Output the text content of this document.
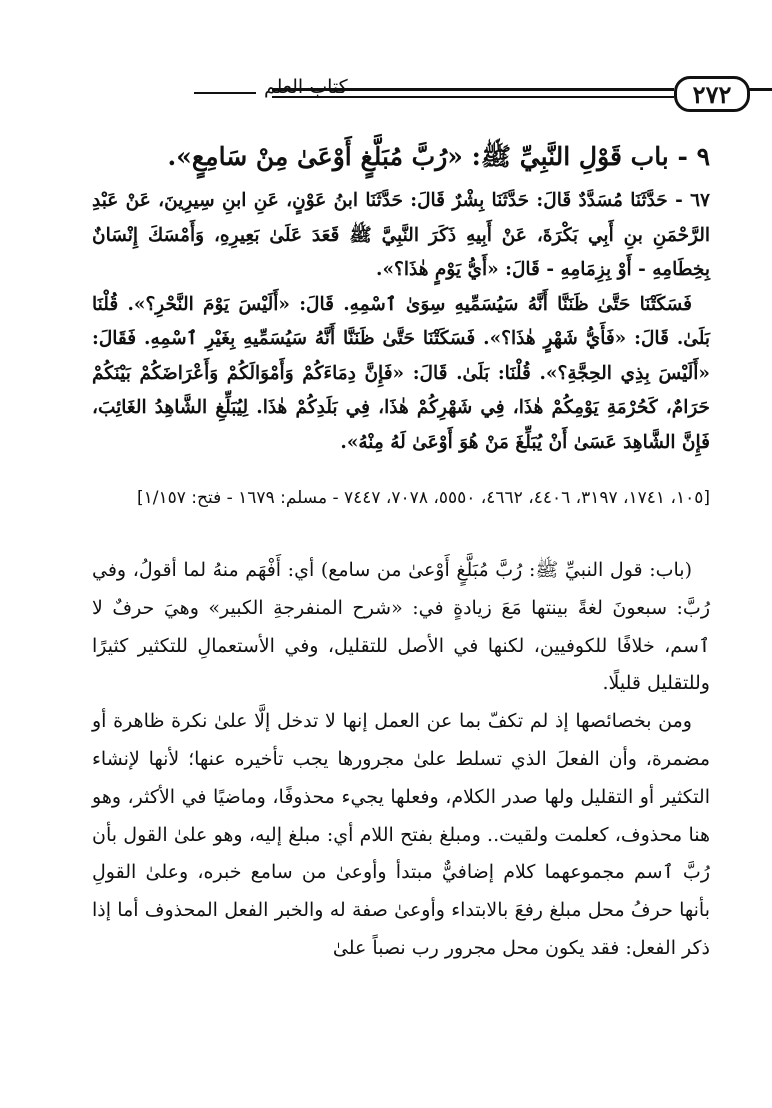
٢٧٢
كتاب العلم
٩ - باب قَوْلِ النَّبِيِّ ﷺ: «رُبَّ مُبَلَّغٍ أَوْعَىٰ مِنْ سَامِعٍ».

٦٧ - حَدَّثَنَا مُسَدَّدٌ قَالَ: حَدَّثَنَا بِشْرٌ قَالَ: حَدَّثَنَا ابنُ عَوْنٍ، عَنِ ابنِ سِيرِينَ، عَنْ عَبْدِ الرَّحْمَنِ بنِ أَبِي بَكْرَةَ، عَنْ أَبِيهِ ذَكَرَ النَّبِيَّ ﷺ قَعَدَ عَلَىٰ بَعِيرِهِ، وَأَمْسَكَ إِنْسَانٌ بِخِطَامِهِ - أَوْ بِزِمَامِهِ - قَالَ: «أَيُّ يَوْمٍ هٰذَا؟».

فَسَكَتْنَا حَتَّىٰ ظَنَنَّا أَنَّهُ سَيُسَمِّيهِ سِوَىٰ ٱسْمِهِ. قَالَ: «أَلَيْسَ يَوْمَ النَّحْرِ؟». قُلْنَا بَلَىٰ. قَالَ: «فَأَيُّ شَهْرٍ هٰذَا؟». فَسَكَتْنَا حَتَّىٰ ظَنَنَّا أَنَّهُ سَيُسَمِّيهِ بِغَيْرِ ٱسْمِهِ. فَقَالَ: «أَلَيْسَ بِذِي الحِجَّةِ؟». قُلْنَا: بَلَىٰ. قَالَ: «فَإِنَّ دِمَاءَكُمْ وَأَمْوَالَكُمْ وَأَعْرَاضَكُمْ بَيْنَكُمْ حَرَامٌ، كَحُرْمَةِ يَوْمِكُمْ هٰذَا، فِي شَهْرِكُمْ هٰذَا، فِي بَلَدِكُمْ هٰذَا. لِيُبَلِّغِ الشَّاهِدُ الغَائِبَ، فَإِنَّ الشَّاهِدَ عَسَىٰ أَنْ يُبَلِّغَ مَنْ هُوَ أَوْعَىٰ لَهُ مِنْهُ».

[١٠٥، ١٧٤١، ٣١٩٧، ٤٤٠٦، ٤٦٦٢، ٥٥٥٠، ٧٠٧٨، ٧٤٤٧ - مسلم: ١٦٧٩ - فتح: ١/١٥٧]

(باب: قول النبيِّ ﷺ: رُبَّ مُبَلَّغٍ أَوْعىٰ من سامع) أي: أَفْهَم منهُ لما أقولُ، وفي رُبَّ: سبعونَ لغةً بينتها مَعَ زيادةٍ في: «شرح المنفرجةِ الكبير» وهيَ حرفٌ لا ٱسم، خلافًا للكوفيين، لكنها في الأصل للتقليل، وفي الأستعمالِ للتكثير كثيرًا وللتقليل قليلًا.

ومن بخصائصها إذ لم تكفّ بما عن العمل إنها لا تدخل إلَّا علىٰ نكرة ظاهرة أو مضمرة، وأن الفعلَ الذي تسلط علىٰ مجرورها يجب تأخيره عنها؛ لأنها لإنشاء التكثير أو التقليل ولها صدر الكلام، وفعلها يجيء محذوفًا، وماضيًا في الأكثر، وهو هنا محذوف، كعلمت ولقيت.. ومبلغ بفتح اللام أي: مبلغ إليه، وهو علىٰ القول بأن رُبَّ ٱسم مجموعهما كلام إضافيٌّ مبتدأ وأوعىٰ من سامع خبره، وعلىٰ القولِ بأنها حرفُ محل مبلغ رفعَ بالابتداء وأوعىٰ صفة له والخبر الفعل المحذوف أما إذا ذكر الفعل: فقد يكون محل مجرور رب نصباً علىٰ
